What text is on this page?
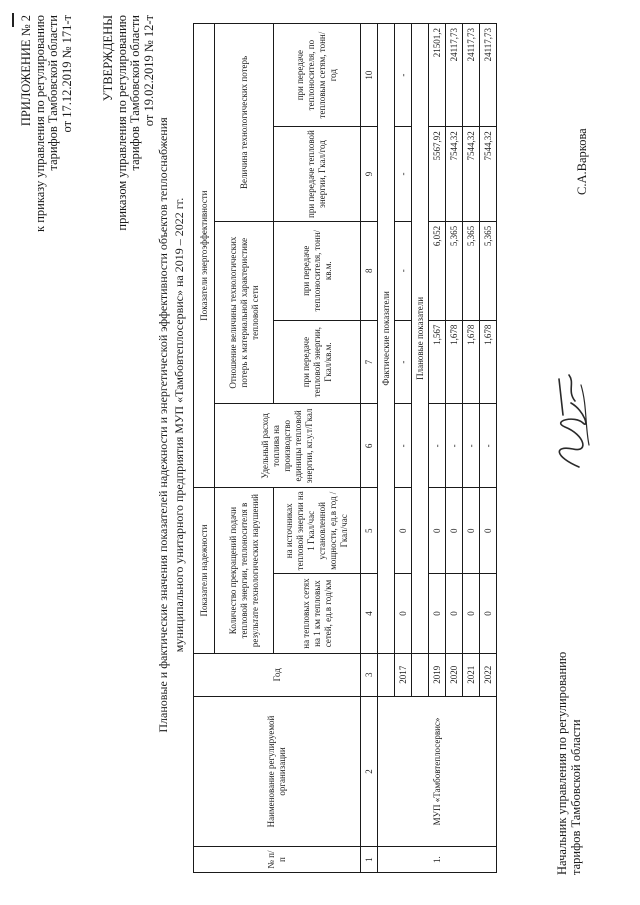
ПРИЛОЖЕНИЕ № 2 к приказу управления по регулированию тарифов Тамбовской области от 17.12.2019 № 171-т УТВЕРЖДЕНЫ приказом управления по регулированию тарифов Тамбовской области от 19.02.2019 № 12-т
Плановые и фактические значения показателей надежности и энергетической эффективности объектов теплоснабжения муниципального унитарного предприятия МУП «Тамбовтеплосервис» на 2019 – 2022 гг.
№ п/п	Наименование регулируемой организации	Год	Показатели надежности		Показатели энергоэффективности				
			Количество прекращений подачи тепловой энергии, теплоносителя в результате технологических нарушений		Удельный расход топлива на производство единицы тепловой энергии, кг.у.т/Гкал	Отношение величины технологических потерь к материальной характеристике тепловой сети		Величина технологических потерь	
			на тепловых сетях на 1 км тепловых сетей, ед.в год/км	на источниках тепловой энергии на 1 Гкал/час установленной мощности, ед.в год /Гкал/час		при передаче тепловой энергии, Гкал/кв.м.	при передаче теплоносителя, тонн/кв.м.	при передаче тепловой энергии, Гкал/год	при передаче теплоносителя, по тепловым сетям, тонн/год
1	2	3	4	5	6	7	8	9	10
1.	МУП «Тамбовтеплосервис»		Фактические показатели						
		2017	0	0	-	-	-	-	-
			Плановые показатели						
		2019	0	0	-	1,567	6,052	5567,92	21501,2
		2020	0	0	-	1,678	5,365	7544,32	24117,73
		2021	0	0	-	1,678	5,365	7544,32	24117,73
		2022	0	0	-	1,678	5,365	7544,32	24117,73
Начальник управления по регулированию тарифов Тамбовской области
С.А.Варкова
